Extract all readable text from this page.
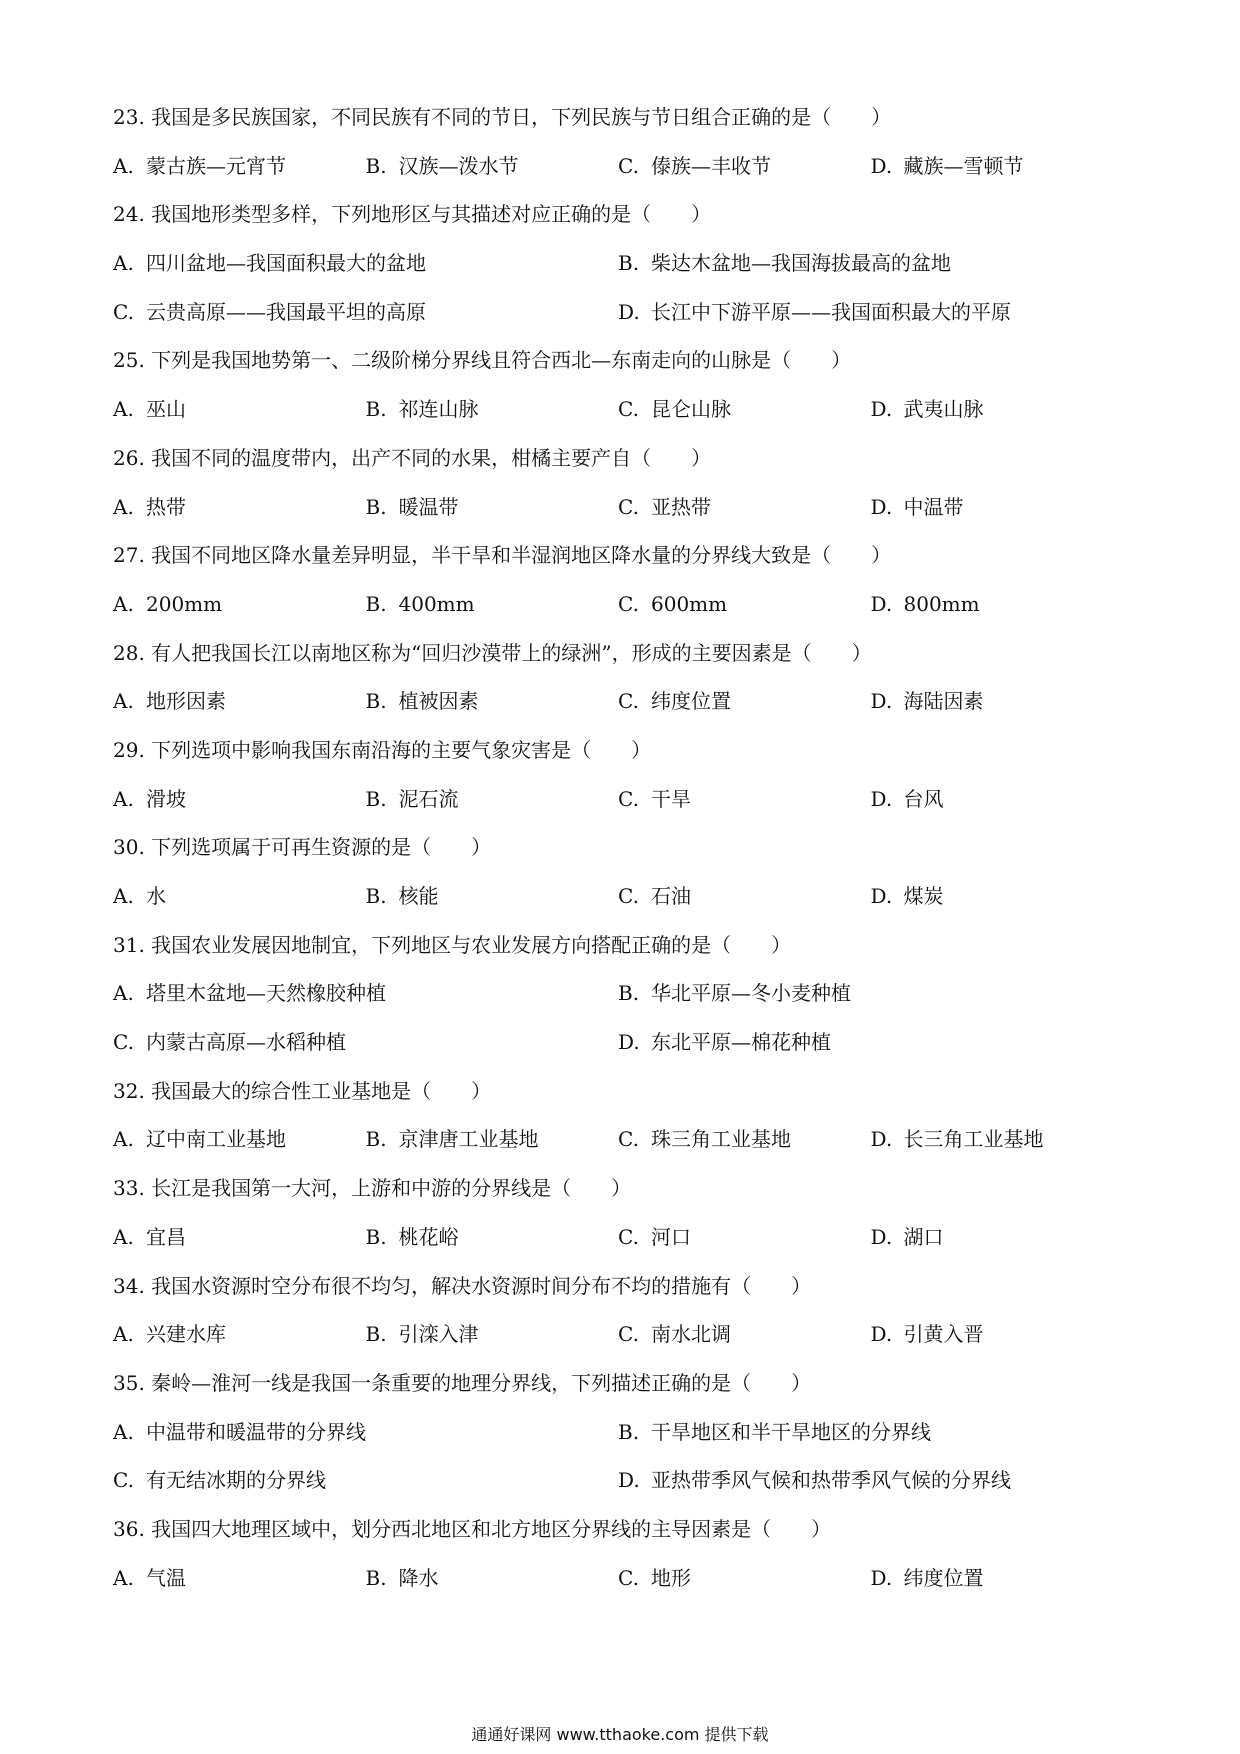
23. 我国是多民族国家，不同民族有不同的节日，下列民族与节日组合正确的是（　　）
A. 蒙古族—元宵节	B. 汉族—泼水节	C. 傣族—丰收节	D. 藏族—雪顿节
24. 我国地形类型多样，下列地形区与其描述对应正确的是（　　）
A. 四川盆地—我国面积最大的盆地	B. 柴达木盆地—我国海拔最高的盆地
C. 云贵高原——我国最平坦的高原	D. 长江中下游平原——我国面积最大的平原
25. 下列是我国地势第一、二级阶梯分界线且符合西北—东南走向的山脉是（　　）
A. 巫山	B. 祁连山脉	C. 昆仑山脉	D. 武夷山脉
26. 我国不同的温度带内，出产不同的水果，柑橘主要产自（　　）
A. 热带	B. 暖温带	C. 亚热带	D. 中温带
27. 我国不同地区降水量差异明显，半干旱和半湿润地区降水量的分界线大致是（　　）
A. 200mm	B. 400mm	C. 600mm	D. 800mm
28. 有人把我国长江以南地区称为“回归沙漠带上的绿洲”，形成的主要因素是（　　）
A. 地形因素	B. 植被因素	C. 纬度位置	D. 海陆因素
29. 下列选项中影响我国东南沿海的主要气象灾害是（　　）
A. 滑坡	B. 泥石流	C. 干旱	D. 台风
30. 下列选项属于可再生资源的是（　　）
A. 水	B. 核能	C. 石油	D. 煤炭
31. 我国农业发展因地制宜，下列地区与农业发展方向搭配正确的是（　　）
A. 塔里木盆地—天然橡胶种植	B. 华北平原—冬小麦种植
C. 内蒙古高原—水稻种植	D. 东北平原—棉花种植
32. 我国最大的综合性工业基地是（　　）
A. 辽中南工业基地	B. 京津唐工业基地	C. 珠三角工业基地	D. 长三角工业基地
33. 长江是我国第一大河，上游和中游的分界线是（　　）
A. 宜昌	B. 桃花峪	C. 河口	D. 湖口
34. 我国水资源时空分布很不均匀，解决水资源时间分布不均的措施有（　　）
A. 兴建水库	B. 引滦入津	C. 南水北调	D. 引黄入晋
35. 秦岭—淮河一线是我国一条重要的地理分界线，下列描述正确的是（　　）
A. 中温带和暖温带的分界线	B. 干旱地区和半干旱地区的分界线
C. 有无结冰期的分界线	D. 亚热带季风气候和热带季风气候的分界线
36. 我国四大地理区域中，划分西北地区和北方地区分界线的主导因素是（　　）
A. 气温	B. 降水	C. 地形	D. 纬度位置
通通好课网 www.tthaoke.com 提供下载
